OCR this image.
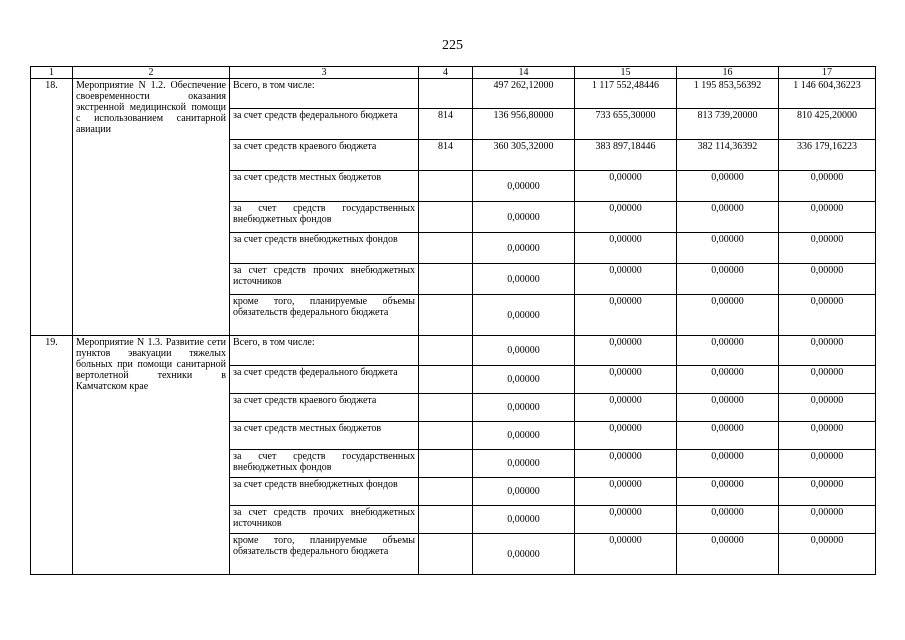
225
1	2	3	4	14	15	16	17
18.	Мероприятие N 1.2. Обеспечение своевременности оказания экстренной медицинской помощи с использованием санитарной авиации	Всего, в том числе:		497 262,12000	1 117 552,48446	1 195 853,56392	1 146 604,36223
		за счет средств федерального бюджета	814	136 956,80000	733 655,30000	813 739,20000	810 425,20000
		за счет средств краевого бюджета	814	360 305,32000	383 897,18446	382 114,36392	336 179,16223
		за счет средств местных бюджетов		0,00000	0,00000	0,00000	0,00000
		за счет средств государственных внебюджетных фондов		0,00000	0,00000	0,00000	0,00000
		за счет средств внебюджетных фондов		0,00000	0,00000	0,00000	0,00000
		за счет средств прочих внебюджетных источников		0,00000	0,00000	0,00000	0,00000
		кроме того, планируемые объемы обязательств федерального бюджета		0,00000	0,00000	0,00000	0,00000
19.	Мероприятие N 1.3. Развитие сети пунктов эвакуации тяжелых больных при помощи санитарной вертолетной техники в Камчатском крае	Всего, в том числе:		0,00000	0,00000	0,00000	0,00000
		за счет средств федерального бюджета		0,00000	0,00000	0,00000	0,00000
		за счет средств краевого бюджета		0,00000	0,00000	0,00000	0,00000
		за счет средств местных бюджетов		0,00000	0,00000	0,00000	0,00000
		за счет средств государственных внебюджетных фондов		0,00000	0,00000	0,00000	0,00000
		за счет средств внебюджетных фондов		0,00000	0,00000	0,00000	0,00000
		за счет средств прочих внебюджетных источников		0,00000	0,00000	0,00000	0,00000
		кроме того, планируемые объемы обязательств федерального бюджета		0,00000	0,00000	0,00000	0,00000
